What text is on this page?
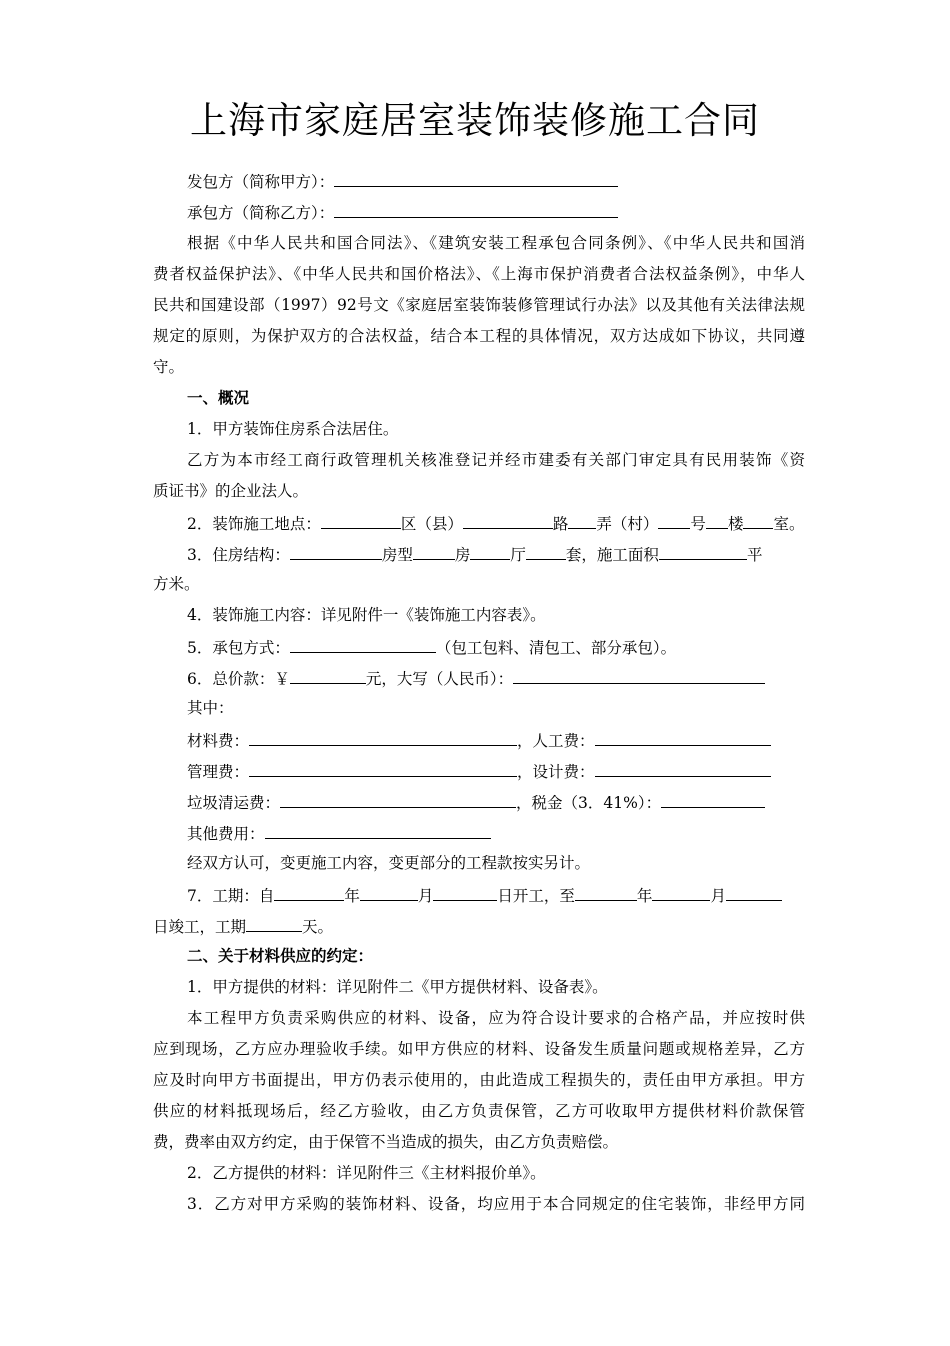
上海市家庭居室装饰装修施工合同
发包方（简称甲方）：
承包方（简称乙方）：
根据《中华人民共和国合同法》、《建筑安装工程承包合同条例》、《中华人民共和国消
费者权益保护法》、《中华人民共和国价格法》、《上海市保护消费者合法权益条例》，中华人
民共和国建设部（1997）92号文《家庭居室装饰装修管理试行办法》以及其他有关法律法规
规定的原则，为保护双方的合法权益，结合本工程的具体情况，双方达成如下协议，共同遵
守。
一、概况
1．甲方装饰住房系合法居住。
乙方为本市经工商行政管理机关核准登记并经市建委有关部门审定具有民用装饰《资
质证书》的企业法人。
2．装饰施工地点：	区（县）	路 弄（村） 号 楼 室。
3．住房结构：	房型	房	厅	套，施工面积	平
方米。
4．装饰施工内容：详见附件一《装饰施工内容表》。
5．承包方式：	（包工包料、清包工、部分承包）。
6．总价款：￥	元，大写（人民币）：
其中：
材料费：	，人工费：
管理费：	，设计费：
垃圾清运费：	，税金（3．41%）：
其他费用：
经双方认可，变更施工内容，变更部分的工程款按实另计。
7．工期：自	年	月	日开工，至	年	月
日竣工，工期	天。
二、关于材料供应的约定：
1．甲方提供的材料：详见附件二《甲方提供材料、设备表》。
本工程甲方负责采购供应的材料、设备，应为符合设计要求的合格产品，并应按时供
应到现场，乙方应办理验收手续。如甲方供应的材料、设备发生质量问题或规格差异，乙方
应及时向甲方书面提出，甲方仍表示使用的，由此造成工程损失的，责任由甲方承担。甲方
供应的材料抵现场后，经乙方验收，由乙方负责保管，乙方可收取甲方提供材料价款保管
费，费率由双方约定，由于保管不当造成的损失，由乙方负责赔偿。
2．乙方提供的材料：详见附件三《主材料报价单》。
3．乙方对甲方采购的装饰材料、设备，均应用于本合同规定的住宅装饰，非经甲方同
